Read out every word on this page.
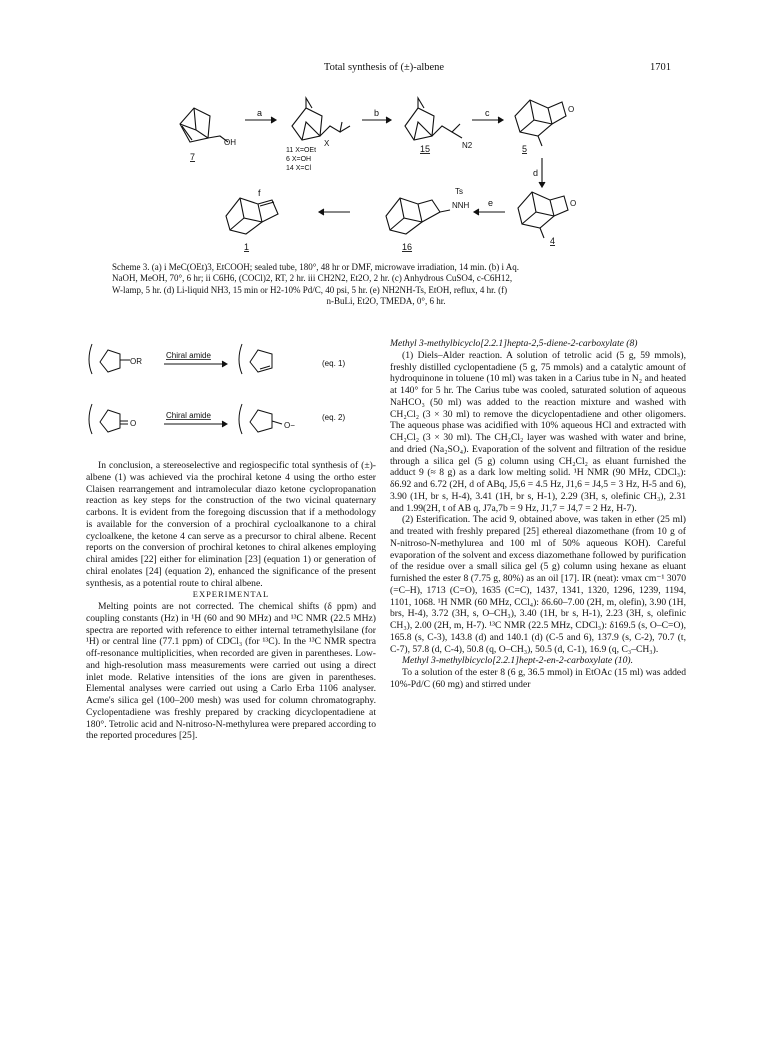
Total synthesis of (±)-albene	1701
OH	X	N2
O
Ts
NNH	O
f
a	b	c
d
e
7
15	5
4
16
1
11 X=OEt
6 X=OH
14 X=Cl
Scheme 3. (a) i MeC(OEt)3, EtCOOH; sealed tube, 180°, 48 hr or DMF, microwave irradiation, 14 min. (b) i Aq.
NaOH, MeOH, 70°, 6 hr; ii C6H6, (COCl)2, RT, 2 hr. iii CH2N2, Et2O, 2 hr. (c) Anhydrous CuSO4, c-C6H12,
W-lamp, 5 hr. (d) Li-liquid NH3, 15 min or H2-10% Pd/C, 40 psi, 5 hr. (e) NH2NH-Ts, EtOH, reflux, 4 hr. (f)
n-BuLi, Et2O, TMEDA, 0°, 6 hr.
OR
Chiral amide
(eq. 1)
O
Chiral amide
O−
(eq. 2)

In conclusion, a stereoselective and regiospecific total synthesis of (±)-albene (1) was achieved via the prochiral ketone 4 using the ortho ester Claisen rearrangement and intramolecular diazo ketone cyclopropanation reaction as key steps for the construction of the two vicinal quaternary carbons. It is evident from the foregoing discussion that if a methodology is available for the conversion of a prochiral cycloalkanone to a chiral cycloalkene, the ketone 4 can serve as a precursor to chiral albene. Recent reports on the conversion of prochiral ketones to chiral alkenes employing chiral amides [22] either for elimination [23] (equation 1) or generation of chiral enolates [24] (equation 2), enhanced the significance of the present synthesis, as a potential route to chiral albene.

EXPERIMENTAL

Melting points are not corrected. The chemical shifts (δ ppm) and coupling constants (Hz) in ¹H (60 and 90 MHz) and ¹³C NMR (22.5 MHz) spectra are reported with reference to either internal tetramethylsilane (for ¹H) or central line (77.1 ppm) of CDCl₃ (for ¹³C). In the ¹³C NMR spectra off-resonance multiplicities, when recorded are given in parentheses. Low- and high-resolution mass measurements were carried out using a direct inlet mode. Relative intensities of the ions are given in parentheses. Elemental analyses were carried out using a Carlo Erba 1106 analyser. Acme's silica gel (100–200 mesh) was used for column chromatography. Cyclopentadiene was freshly prepared by cracking dicyclopentadiene at 180°. Tetrolic acid and N-nitroso-N-methylurea were prepared according to the reported procedures [25].

Methyl 3-methylbicyclo[2.2.1]hepta-2,5-diene-2-carboxylate (8)

(1) Diels–Alder reaction. A solution of tetrolic acid (5 g, 59 mmols), freshly distilled cyclopentadiene (5 g, 75 mmols) and a catalytic amount of hydroquinone in toluene (10 ml) was taken in a Carius tube in N₂ and heated at 140° for 5 hr. The Carius tube was cooled, saturated solution of aqueous NaHCO₃ (50 ml) was added to the reaction mixture and washed with CH₂Cl₂ (3 × 30 ml) to remove the dicyclopentadiene and other oligomers. The aqueous phase was acidified with 10% aqueous HCl and extracted with CH₂Cl₂ (3 × 30 ml). The CH₂Cl₂ layer was washed with water and brine, and dried (Na₂SO₄). Evaporation of the solvent and filtration of the residue through a silica gel (5 g) column using CH₂Cl₂ as eluant furnished the adduct 9 (≈ 8 g) as a dark low melting solid. ¹H NMR (90 MHz, CDCl₃): δ6.92 and 6.72 (2H, d of ABq, J5,6 = 4.5 Hz, J1,6 = J4,5 = 3 Hz, H-5 and 6), 3.90 (1H, br s, H-4), 3.41 (1H, br s, H-1), 2.29 (3H, s, olefinic CH₃), 2.31 and 1.99(2H, t of AB q, J7a,7b = 9 Hz, J1,7 = J4,7 = 2 Hz, H-7).

(2) Esterification. The acid 9, obtained above, was taken in ether (25 ml) and treated with freshly prepared [25] ethereal diazomethane (from 10 g of N-nitroso-N-methylurea and 100 ml of 50% aqueous KOH). Careful evaporation of the solvent and excess diazomethane followed by purification of the residue over a small silica gel (5 g) column using hexane as eluant furnished the ester 8 (7.75 g, 80%) as an oil [17]. IR (neat): νmax cm⁻¹ 3070 (=C–H), 1713 (C=O), 1635 (C=C), 1437, 1341, 1320, 1296, 1239, 1194, 1101, 1068. ¹H NMR (60 MHz, CCl₄): δ6.60–7.00 (2H, m, olefin), 3.90 (1H, brs, H-4), 3.72 (3H, s, O–CH₃), 3.40 (1H, br s, H-1), 2.23 (3H, s, olefinic CH₃), 2.00 (2H, m, H-7). ¹³C NMR (22.5 MHz, CDCl₃): δ169.5 (s, O–C=O), 165.8 (s, C-3), 143.8 (d) and 140.1 (d) (C-5 and 6), 137.9 (s, C-2), 70.7 (t, C-7), 57.8 (d, C-4), 50.8 (q, O–CH₃), 50.5 (d, C-1), 16.9 (q, C₃–CH₃).

Methyl 3-methylbicyclo[2.2.1]hept-2-en-2-carboxylate (10).

To a solution of the ester 8 (6 g, 36.5 mmol) in EtOAc (15 ml) was added 10%-Pd/C (60 mg) and stirred under
